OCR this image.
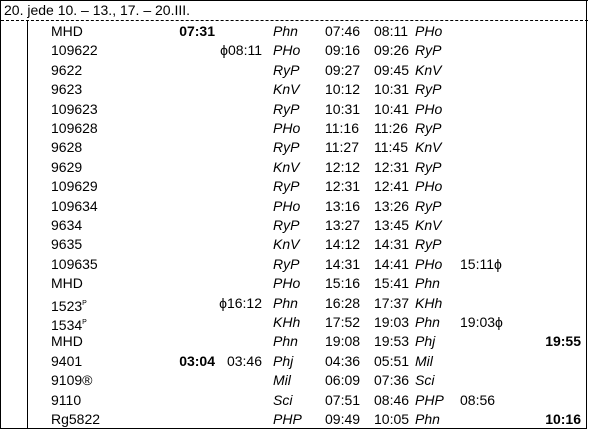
20. jede 10. – 13., 17. – 20.III.
MHD	07:31	Phn 07:46 08:11 PHo
109622	ϕ08:11 PHo 09:16 09:26 RyP
9622	RyP 09:27 09:45 KnV
9623	KnV 10:12 10:31 RyP
109623	RyP 10:31 10:41 PHo
109628	PHo 11:16 11:26 RyP
9628	RyP 11:27 11:45 KnV
9629	KnV 12:12 12:31 RyP
109629	RyP 12:31 12:41 PHo
109634	PHo 13:16 13:26 RyP
9634	RyP 13:27 13:45 KnV
9635	KnV 14:12 14:31 RyP
109635	RyP 14:31 14:41 PHo 15:11ϕ
MHD	PHo 15:16 15:41 Phn
$1523^P$	ϕ16:12 Phn 16:28 17:37 KHh
$1534^P$	KHh 17:52 19:03 Phn 19:03ϕ
MHD	Phn 19:08 19:53 Phj	19:55
9401	03:04 03:46 Phj 04:36 05:51 Mil
9109®	Mil 06:09 07:36 Sci
9110	Sci 07:51 08:46 PHP 08:56
Rg5822	PHP 09:49 10:05 Phn	10:16
